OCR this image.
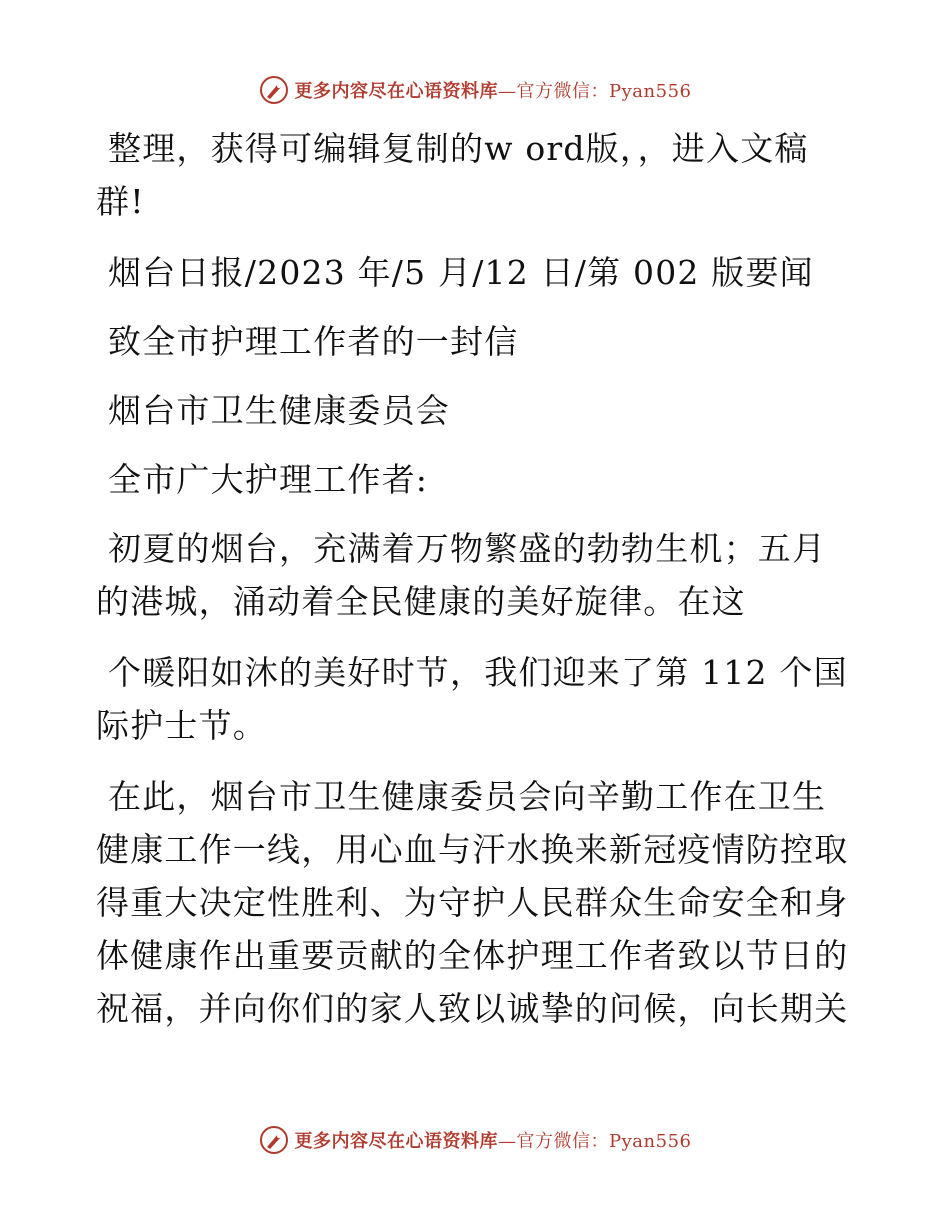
更多内容尽在心语资料库—官方微信：Pyan556

整理，获得可编辑复制的w ord版，，进入文稿群!

烟台日报/2023 年/5 月/12 日/第 002 版要闻

致全市护理工作者的一封信

烟台市卫生健康委员会

全市广大护理工作者:

初夏的烟台，充满着万物繁盛的勃勃生机；五月的港城，涌动着全民健康的美好旋律。在这

个暖阳如沐的美好时节，我们迎来了第 112 个国际护士节。

在此，烟台市卫生健康委员会向辛勤工作在卫生健康工作一线，用心血与汗水换来新冠疫情防控取得重大决定性胜利、为守护人民群众生命安全和身体健康作出重要贡献的全体护理工作者致以节日的祝福，并向你们的家人致以诚挚的问候，向长期关

更多内容尽在心语资料库—官方微信：Pyan556
